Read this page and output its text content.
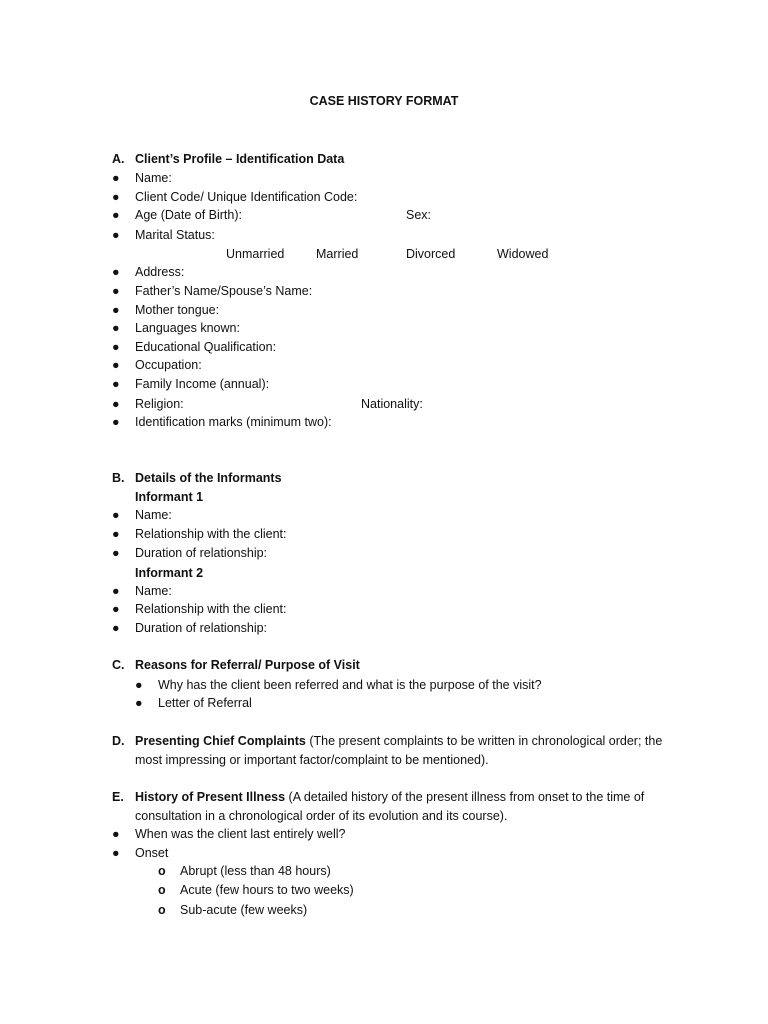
CASE HISTORY FORMAT
A. Client’s Profile – Identification Data
● Name:
● Client Code/ Unique Identification Code:
● Age (Date of Birth):	Sex:
● Marital Status:
Unmarried	Married	Divorced	Widowed
● Address:
● Father’s Name/Spouse’s Name:
● Mother tongue:
● Languages known:
● Educational Qualification:
● Occupation:
● Family Income (annual):
● Religion:	Nationality:
● Identification marks (minimum two):
B. Details of the Informants
Informant 1
● Name:
● Relationship with the client:
● Duration of relationship:
Informant 2
● Name:
● Relationship with the client:
● Duration of relationship:
C. Reasons for Referral/ Purpose of Visit
● Why has the client been referred and what is the purpose of the visit?
● Letter of Referral
D. Presenting Chief Complaints (The present complaints to be written in chronological order; the
most impressing or important factor/complaint to be mentioned).
E. History of Present Illness (A detailed history of the present illness from onset to the time of
consultation in a chronological order of its evolution and its course).
● When was the client last entirely well?
● Onset
o Abrupt (less than 48 hours)
o Acute (few hours to two weeks)
o Sub-acute (few weeks)
